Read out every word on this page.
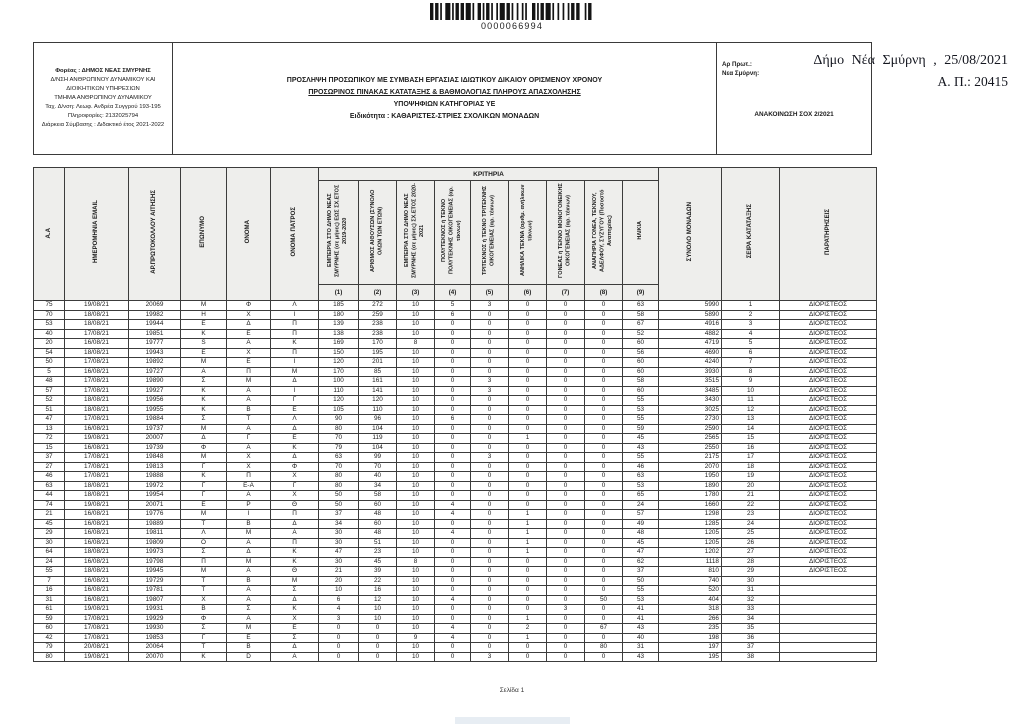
0000066994
Φορέας : ΔΗΜΟΣ ΝΕΑΣ ΣΜΥΡΝΗΣ
Δ/ΝΣΗ ΑΝΘΡΩΠΙΝΟΥ ΔΥΝΑΜΙΚΟΥ ΚΑΙ ΔΙΟΙΚΗΤΙΚΩΝ ΥΠΗΡΕΣΙΩΝ
ΤΜΗΜΑ ΑΝΘΡΩΠΙΝΟΥ ΔΥΝΑΜΙΚΟΥ
Ταχ. Δ/νση: Λεωφ. Ανδρέα Συγγρού 193-195 Πληροφορίες: 2132025794
Διάρκεια Σύμβασης : Διδακτικό έτος 2021-2022
ΠΡΟΣΛΗΨΗ ΠΡΟΣΩΠΙΚΟΥ ΜΕ ΣΥΜΒΑΣΗ ΕΡΓΑΣΙΑΣ ΙΔΙΩΤΙΚΟΥ ΔΙΚΑΙΟΥ ΟΡΙΣΜΕΝΟΥ ΧΡΟΝΟΥ
ΠΡΟΣΩΡΙΝΟΣ ΠΙΝΑΚΑΣ ΚΑΤΑΤΑΞΗΣ & ΒΑΘΜΟΛΟΓΙΑΣ ΠΛΗΡΟΥΣ ΑΠΑΣΧΟΛΗΣΗΣ
ΥΠΟΨΗΦΙΩΝ ΚΑΤΗΓΟΡΙΑΣ ΥΕ
Ειδικότητα : ΚΑΘΑΡΙΣΤΕΣ-ΣΤΡΙΕΣ ΣΧΟΛΙΚΩΝ ΜΟΝΑΔΩΝ
Αρ Πρωτ.:
Νεα Σμύρνη:
ΑΝΑΚΟΙΝΩΣΗ ΣΟΧ 2/2021
Δήμο Νέα Σμύρνη , 25/08/2021
Α. Π.: 20415
Α.Α	ΗΜΕΡΟΜΗΝΙΑ EMAIL	ΑΡ.ΠΡΩΤΟΚΟΛΛΟΥ ΑΙΤΗΣΗΣ	ΕΠΩΝΥΜΟ	ΟΝΟΜΑ	ΟΝΟΜΑ ΠΑΤΡΟΣ	ΚΡΙΤΗΡΙΑ									ΣΥΝΟΛΟ ΜΟΝΑΔΩΝ	ΣΕΙΡΑ ΚΑΤΑΤΑΞΗΣ	ΠΑΡΑΤΗΡΗΣΕΙΣ
						ΕΜΠΕΙΡΙΑ ΣΤΟ ΔΗΜΟ ΝΕΑΣ ΣΜΥΡΝΗΣ (σε μήνες) ΕΩΣ ΣΧ.ΕΤΟΣ 2019-2020	ΑΡΙΘΜΟΣ ΑΙΘΟΥΣΩΝ (ΣΥΝΟΛΟ ΟΛΩΝ ΤΩΝ ΕΤΩΝ)	ΕΜΠΕΙΡΙΑ ΣΤΟ ΔΗΜΟ ΝΕΑΣ ΣΜΥΡΝΗΣ (σε μήνες) ΣΧ.ΕΤΟΣ 2020-2021	ΠΟΛΥΤΕΚΝΟΣ ή ΤΕΚΝΟ ΠΟΛΥΤΕΚΝΗΣ ΟΙΚΟΓΕΝΕΙΑΣ (αρ. τέκνων)	ΤΡΙΤΕΚΝΟΣ ή ΤΕΚΝΟ ΤΡΙΤΕΚΝΗΣ ΟΙΚΟΓΕΝΕΙΑΣ (αρ. τέκνων)	ΑΝΗΛΙΚΑ ΤΕΚΝΑ (αριθμ. ανήλικων τέκνων)	ΓΟΝΕΑΣ ή ΤΕΚΝΟ ΜΟΝΟΓΟΝΕΙΚΗΣ ΟΙΚΟΓΕΝΕΙΑΣ (αρ. τέκνων)	ΑΝΑΠΗΡΙΑ ΓΟΝΕΑ, ΤΕΚΝΟΥ, ΑΔΕΛΦΟΥ, ΣΥΖΥΓΟΥ (Ποσοστό Αναπηρίας)	ΗΛΙΚΙΑ			
						(1)	(2)	(3)	(4)	(5)	(6)	(7)	(8)	(9)			
75	19/08/21	20069	Μ	Φ	Λ	185	272	10	5	3	0	0	0	63	5990	1	ΔΙΟΡΙΣΤΕΟΣ
70	18/08/21	19982	Η	Χ	Ι	180	259	10	6	0	0	0	0	58	5890	2	ΔΙΟΡΙΣΤΕΟΣ
53	18/08/21	19944	Ε	Δ	Π	139	238	10	0	0	0	0	0	67	4916	3	ΔΙΟΡΙΣΤΕΟΣ
40	17/08/21	19851	Κ	Ε	Π	138	238	10	0	0	0	0	0	52	4882	4	ΔΙΟΡΙΣΤΕΟΣ
20	16/08/21	19777	S	Α	Κ	169	170	8	0	0	0	0	0	60	4719	5	ΔΙΟΡΙΣΤΕΟΣ
54	18/08/21	19943	Ε	Χ	Π	150	195	10	0	0	0	0	0	56	4690	6	ΔΙΟΡΙΣΤΕΟΣ
50	17/08/21	19892	Μ	Ε	Ι	120	201	10	0	0	0	0	0	60	4240	7	ΔΙΟΡΙΣΤΕΟΣ
5	16/08/21	19727	Α	Π	Μ	170	85	10	0	0	0	0	0	60	3930	8	ΔΙΟΡΙΣΤΕΟΣ
48	17/08/21	19890	Σ	Μ	Δ	100	161	10	0	3	0	0	0	58	3515	9	ΔΙΟΡΙΣΤΕΟΣ
57	17/08/21	19927	Κ	Α	Ι	110	141	10	0	3	0	0	0	60	3485	10	ΔΙΟΡΙΣΤΕΟΣ
52	18/08/21	19956	Κ	Α	Γ	120	120	10	0	0	0	0	0	55	3430	11	ΔΙΟΡΙΣΤΕΟΣ
51	18/08/21	19955	Κ	Β	Ε	105	110	10	0	0	0	0	0	53	3025	12	ΔΙΟΡΙΣΤΕΟΣ
47	17/08/21	19884	Σ	Τ	Λ	90	96	10	6	0	0	0	0	55	2730	13	ΔΙΟΡΙΣΤΕΟΣ
13	16/08/21	19737	Μ	Α	Δ	80	104	10	0	0	0	0	0	59	2590	14	ΔΙΟΡΙΣΤΕΟΣ
72	19/08/21	20007	Δ	Γ	Ε	70	119	10	0	0	1	0	0	45	2565	15	ΔΙΟΡΙΣΤΕΟΣ
15	16/08/21	19739	Φ	Α	Κ	79	104	10	0	0	0	0	0	43	2550	16	ΔΙΟΡΙΣΤΕΟΣ
37	17/08/21	19848	Μ	Χ	Δ	63	99	10	0	3	0	0	0	55	2175	17	ΔΙΟΡΙΣΤΕΟΣ
27	17/08/21	19813	Γ	Χ	Φ	70	70	10	0	0	0	0	0	46	2070	18	ΔΙΟΡΙΣΤΕΟΣ
46	17/08/21	19888	Κ	Π	Χ	80	40	10	0	0	0	0	0	63	1950	19	ΔΙΟΡΙΣΤΕΟΣ
63	18/08/21	19972	Γ	Ε-Α	Γ	80	34	10	0	0	0	0	0	53	1890	20	ΔΙΟΡΙΣΤΕΟΣ
44	18/08/21	19954	Γ	Α	Χ	50	58	10	0	0	0	0	0	65	1780	21	ΔΙΟΡΙΣΤΕΟΣ
74	19/08/21	20071	Ε	Ρ	Θ	50	60	10	4	0	0	0	0	24	1660	22	ΔΙΟΡΙΣΤΕΟΣ
21	16/08/21	19776	Μ	Ι	Π	37	48	10	4	0	1	0	0	57	1298	23	ΔΙΟΡΙΣΤΕΟΣ
45	16/08/21	19889	Τ	Β	Δ	34	60	10	0	0	1	0	0	49	1285	24	ΔΙΟΡΙΣΤΕΟΣ
29	16/08/21	19811	Λ	Μ	Α	30	48	10	4	0	1	0	0	48	1205	25	ΔΙΟΡΙΣΤΕΟΣ
30	16/08/21	19809	Ο	Α	Π	30	51	10	0	0	1	0	0	45	1205	26	ΔΙΟΡΙΣΤΕΟΣ
64	18/08/21	19973	Σ	Δ	Κ	47	23	10	0	0	1	0	0	47	1202	27	ΔΙΟΡΙΣΤΕΟΣ
24	16/08/21	19798	Π	Μ	Κ	30	45	8	0	0	0	0	0	62	1118	28	ΔΙΟΡΙΣΤΕΟΣ
55	18/08/21	19945	Μ	Α	Θ	21	39	10	0	0	0	0	0	37	810	29	ΔΙΟΡΙΣΤΕΟΣ
7	16/08/21	19729	Τ	Β	Μ	20	22	10	0	0	0	0	0	50	740	30	
16	16/08/21	19781	Τ	Α	Σ	10	16	10	0	0	0	0	0	55	520	31	
31	16/08/21	19807	Χ	Α	Δ	6	12	10	4	0	0	0	50	53	404	32	
61	19/08/21	19931	Β	Σ	Κ	4	10	10	0	0	0	3	0	41	318	33	
59	17/08/21	19929	Φ	Α	Χ	3	10	10	0	0	1	0	0	41	266	34	
60	17/08/21	19930	Σ	Μ	Ε	0	0	10	4	0	2	0	67	43	235	35	
42	17/08/21	19853	Γ	Ε	Σ	0	0	9	4	0	1	0	0	40	198	36	
79	20/08/21	20064	Τ	Β	Δ	0	0	10	0	0	0	0	80	31	197	37	
80	19/08/21	20070	Κ	D	Α	0	0	10	0	3	0	0	0	43	195	38	
Σελίδα 1
